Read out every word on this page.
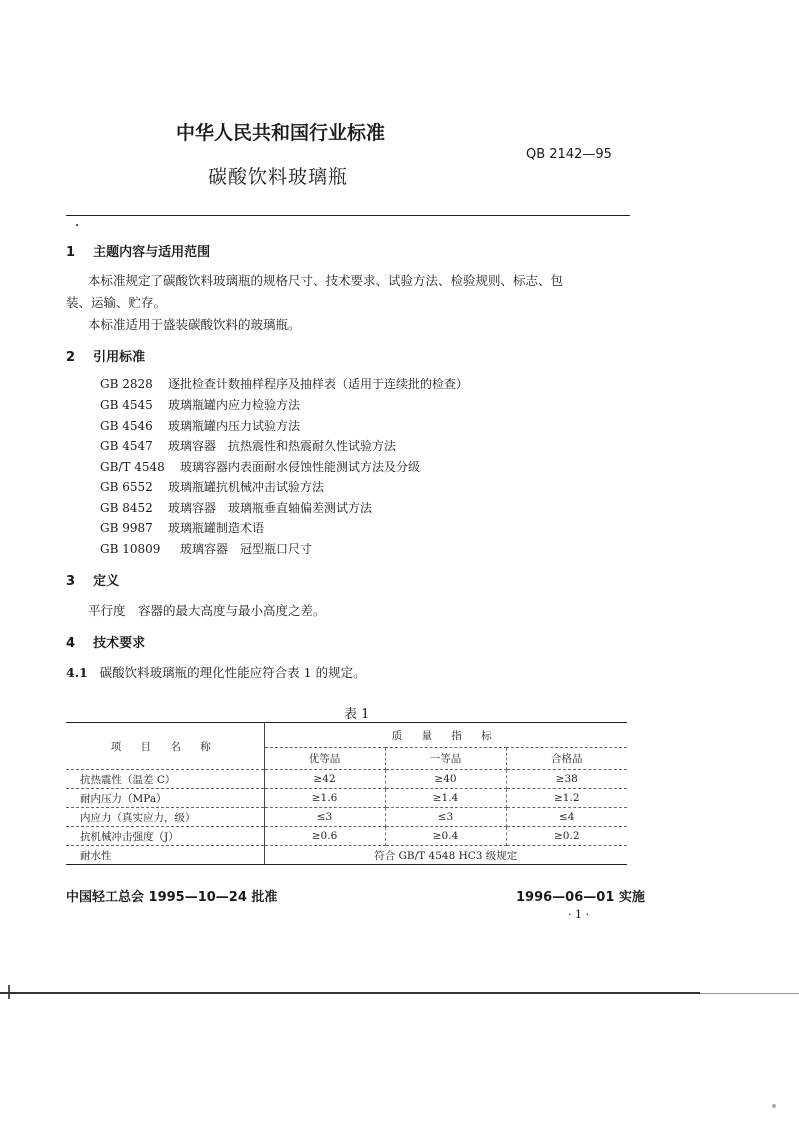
中华人民共和国行业标准
QB 2142—95
碳酸饮料玻璃瓶
1 主题内容与适用范围
本标准规定了碳酸饮料玻璃瓶的规格尺寸、技术要求、试验方法、检验规则、标志、包
装、运输、贮存。
本标准适用于盛装碳酸饮料的玻璃瓶。
2 引用标准
GB 2828 逐批检查计数抽样程序及抽样表（适用于连续批的检查）
GB 4545 玻璃瓶罐内应力检验方法
GB 4546 玻璃瓶罐内压力试验方法
GB 4547 玻璃容器　抗热震性和热震耐久性试验方法
GB/T 4548 玻璃容器内表面耐水侵蚀性能测试方法及分级
GB 6552 玻璃瓶罐抗机械冲击试验方法
GB 8452 玻璃容器　玻璃瓶垂直轴偏差测试方法
GB 9987 玻璃瓶罐制造术语
GB 10809 玻璃容器　冠型瓶口尺寸
3 定义
平行度　容器的最大高度与最小高度之差。
4 技术要求
4.1 碳酸饮料玻璃瓶的理化性能应符合表 1 的规定。
表 1
项 目 名 称	质 量 指 标		
	优等品	一等品	合格品
抗热震性（温差 C）	≥42	≥40	≥38
耐内压力（MPa）	≥1.6	≥1.4	≥1.2
内应力（真实应力，级）	≤3	≤3	≤4
抗机械冲击强度（J）	≥0.6	≥0.4	≥0.2
耐水性	符合 GB/T 4548 HC3 级规定		
中国轻工总会 1995—10—24 批准	1996—06—01 实施
· 1 ·
